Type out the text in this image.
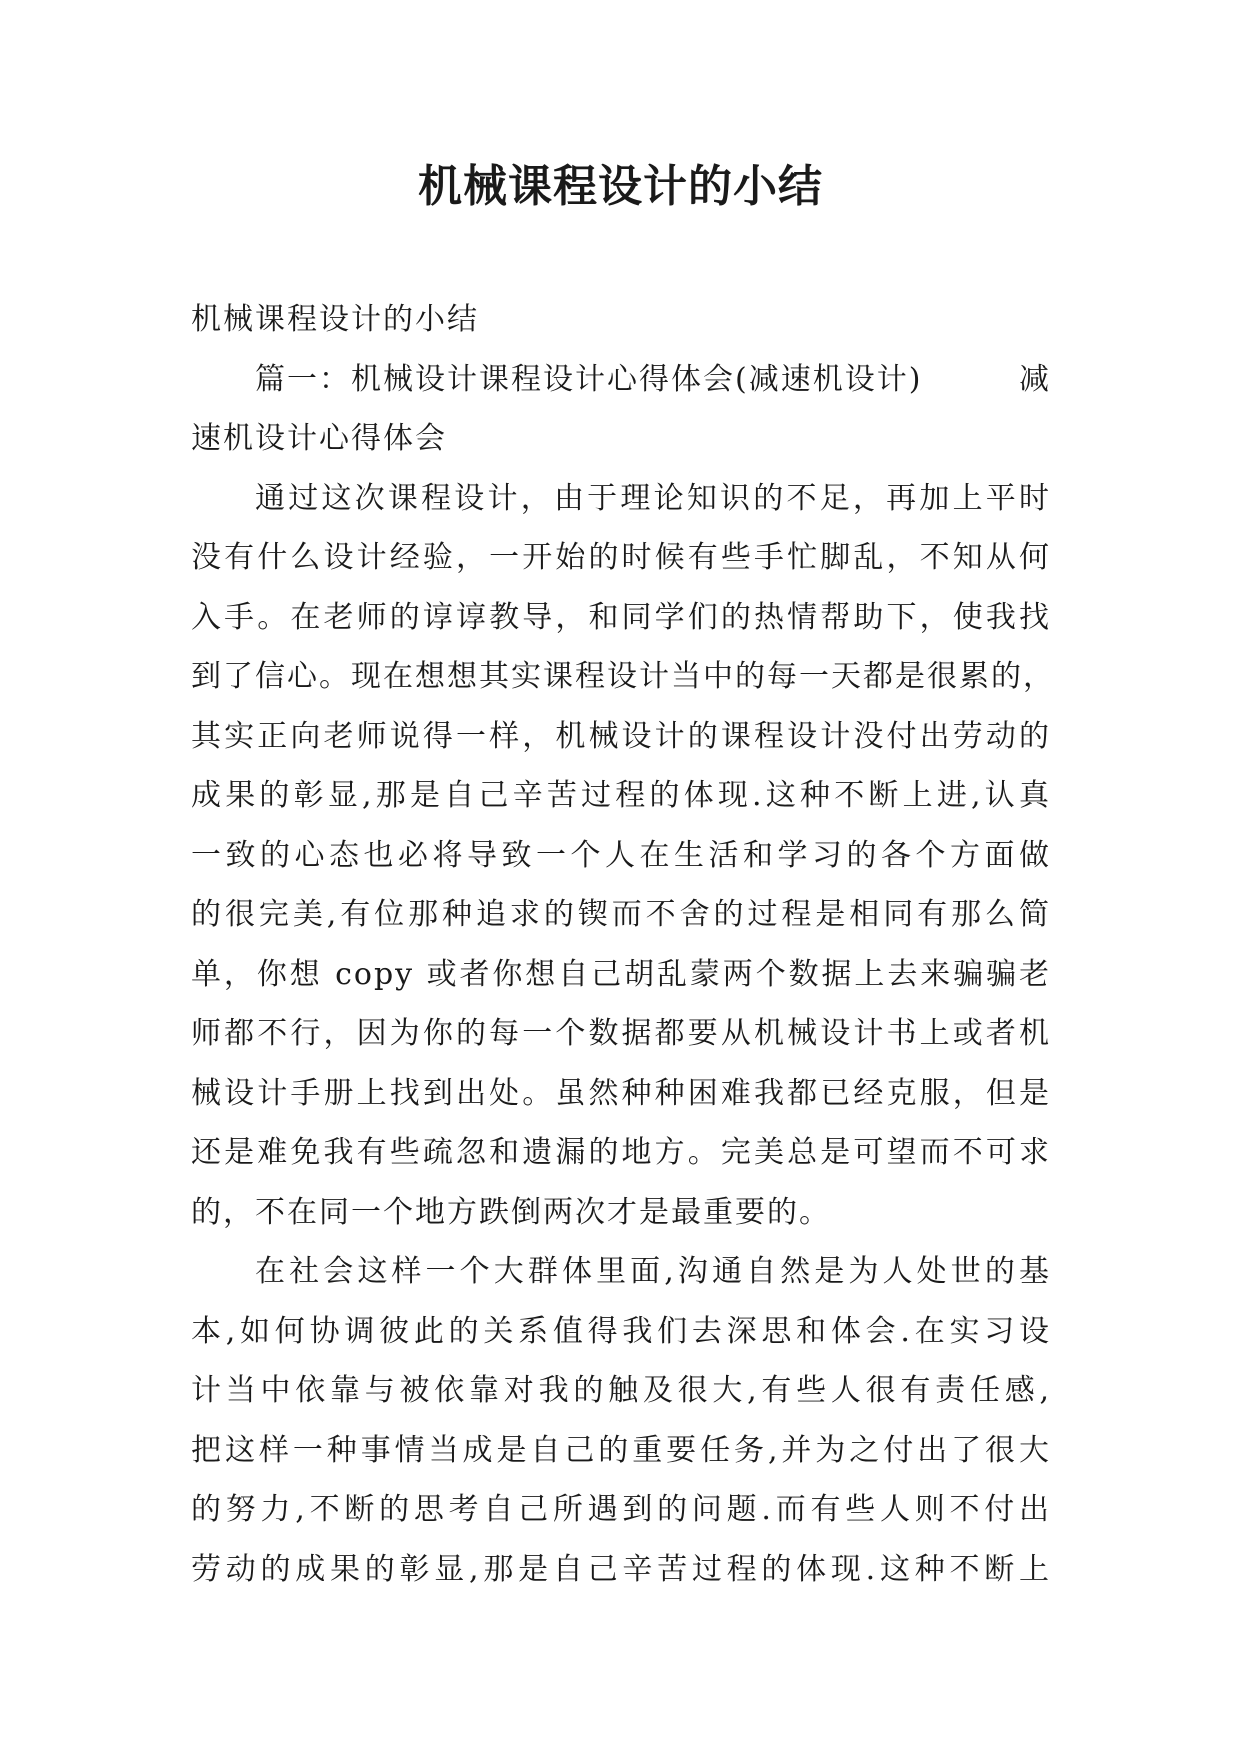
机械课程设计的小结
机械课程设计的小结
篇一：机械设计课程设计心得体会(减速机设计)	减
速机设计心得体会
通过这次课程设计，由于理论知识的不足，再加上平时
没有什么设计经验，一开始的时候有些手忙脚乱，不知从何
入手。在老师的谆谆教导，和同学们的热情帮助下，使我找
到了信心。现在想想其实课程设计当中的每一天都是很累的，
其实正向老师说得一样，机械设计的课程设计没付出劳动的
成果的彰显,那是自己辛苦过程的体现.这种不断上进,认真
一致的心态也必将导致一个人在生活和学习的各个方面做
的很完美,有位那种追求的锲而不舍的过程是相同有那么简
单，你想 copy 或者你想自己胡乱蒙两个数据上去来骗骗老
师都不行，因为你的每一个数据都要从机械设计书上或者机
械设计手册上找到出处。虽然种种困难我都已经克服，但是
还是难免我有些疏忽和遗漏的地方。完美总是可望而不可求
的，不在同一个地方跌倒两次才是最重要的。
在社会这样一个大群体里面,沟通自然是为人处世的基
本,如何协调彼此的关系值得我们去深思和体会.在实习设
计当中依靠与被依靠对我的触及很大,有些人很有责任感,
把这样一种事情当成是自己的重要任务,并为之付出了很大
的努力,不断的思考自己所遇到的问题.而有些人则不付出
劳动的成果的彰显,那是自己辛苦过程的体现.这种不断上
